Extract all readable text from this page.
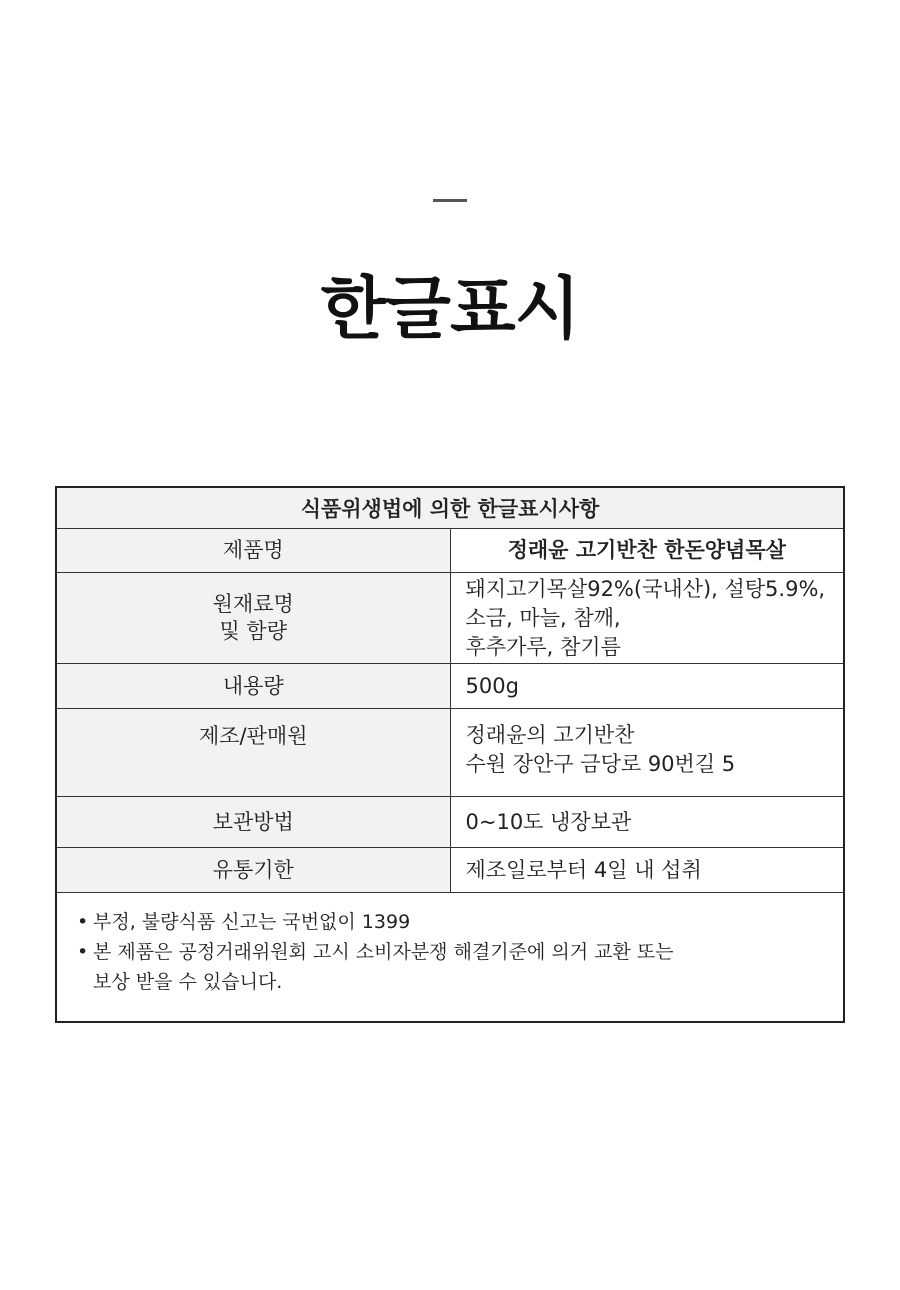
한글표시
식품위생법에 의한 한글표시사항	
제품명	정래윤 고기반찬 한돈양념목살

원재료명
및 함량	돼지고기목살92%(국내산), 설탕5.9%, 소금, 마늘, 참깨,
후추가루, 참기름

내용량	500g
제조/판매원	정래윤의 고기반찬
수원 장안구 금당로 90번길 5

보관방법	0~10도 냉장보관
유통기한	제조일로부터 4일 내 섭취
• 부정, 불량식품 신고는 국번없이 1399
• 본 제품은 공정거래위원회 고시 소비자분쟁 해결기준에 의거 교환 또는
보상 받을 수 있습니다.
